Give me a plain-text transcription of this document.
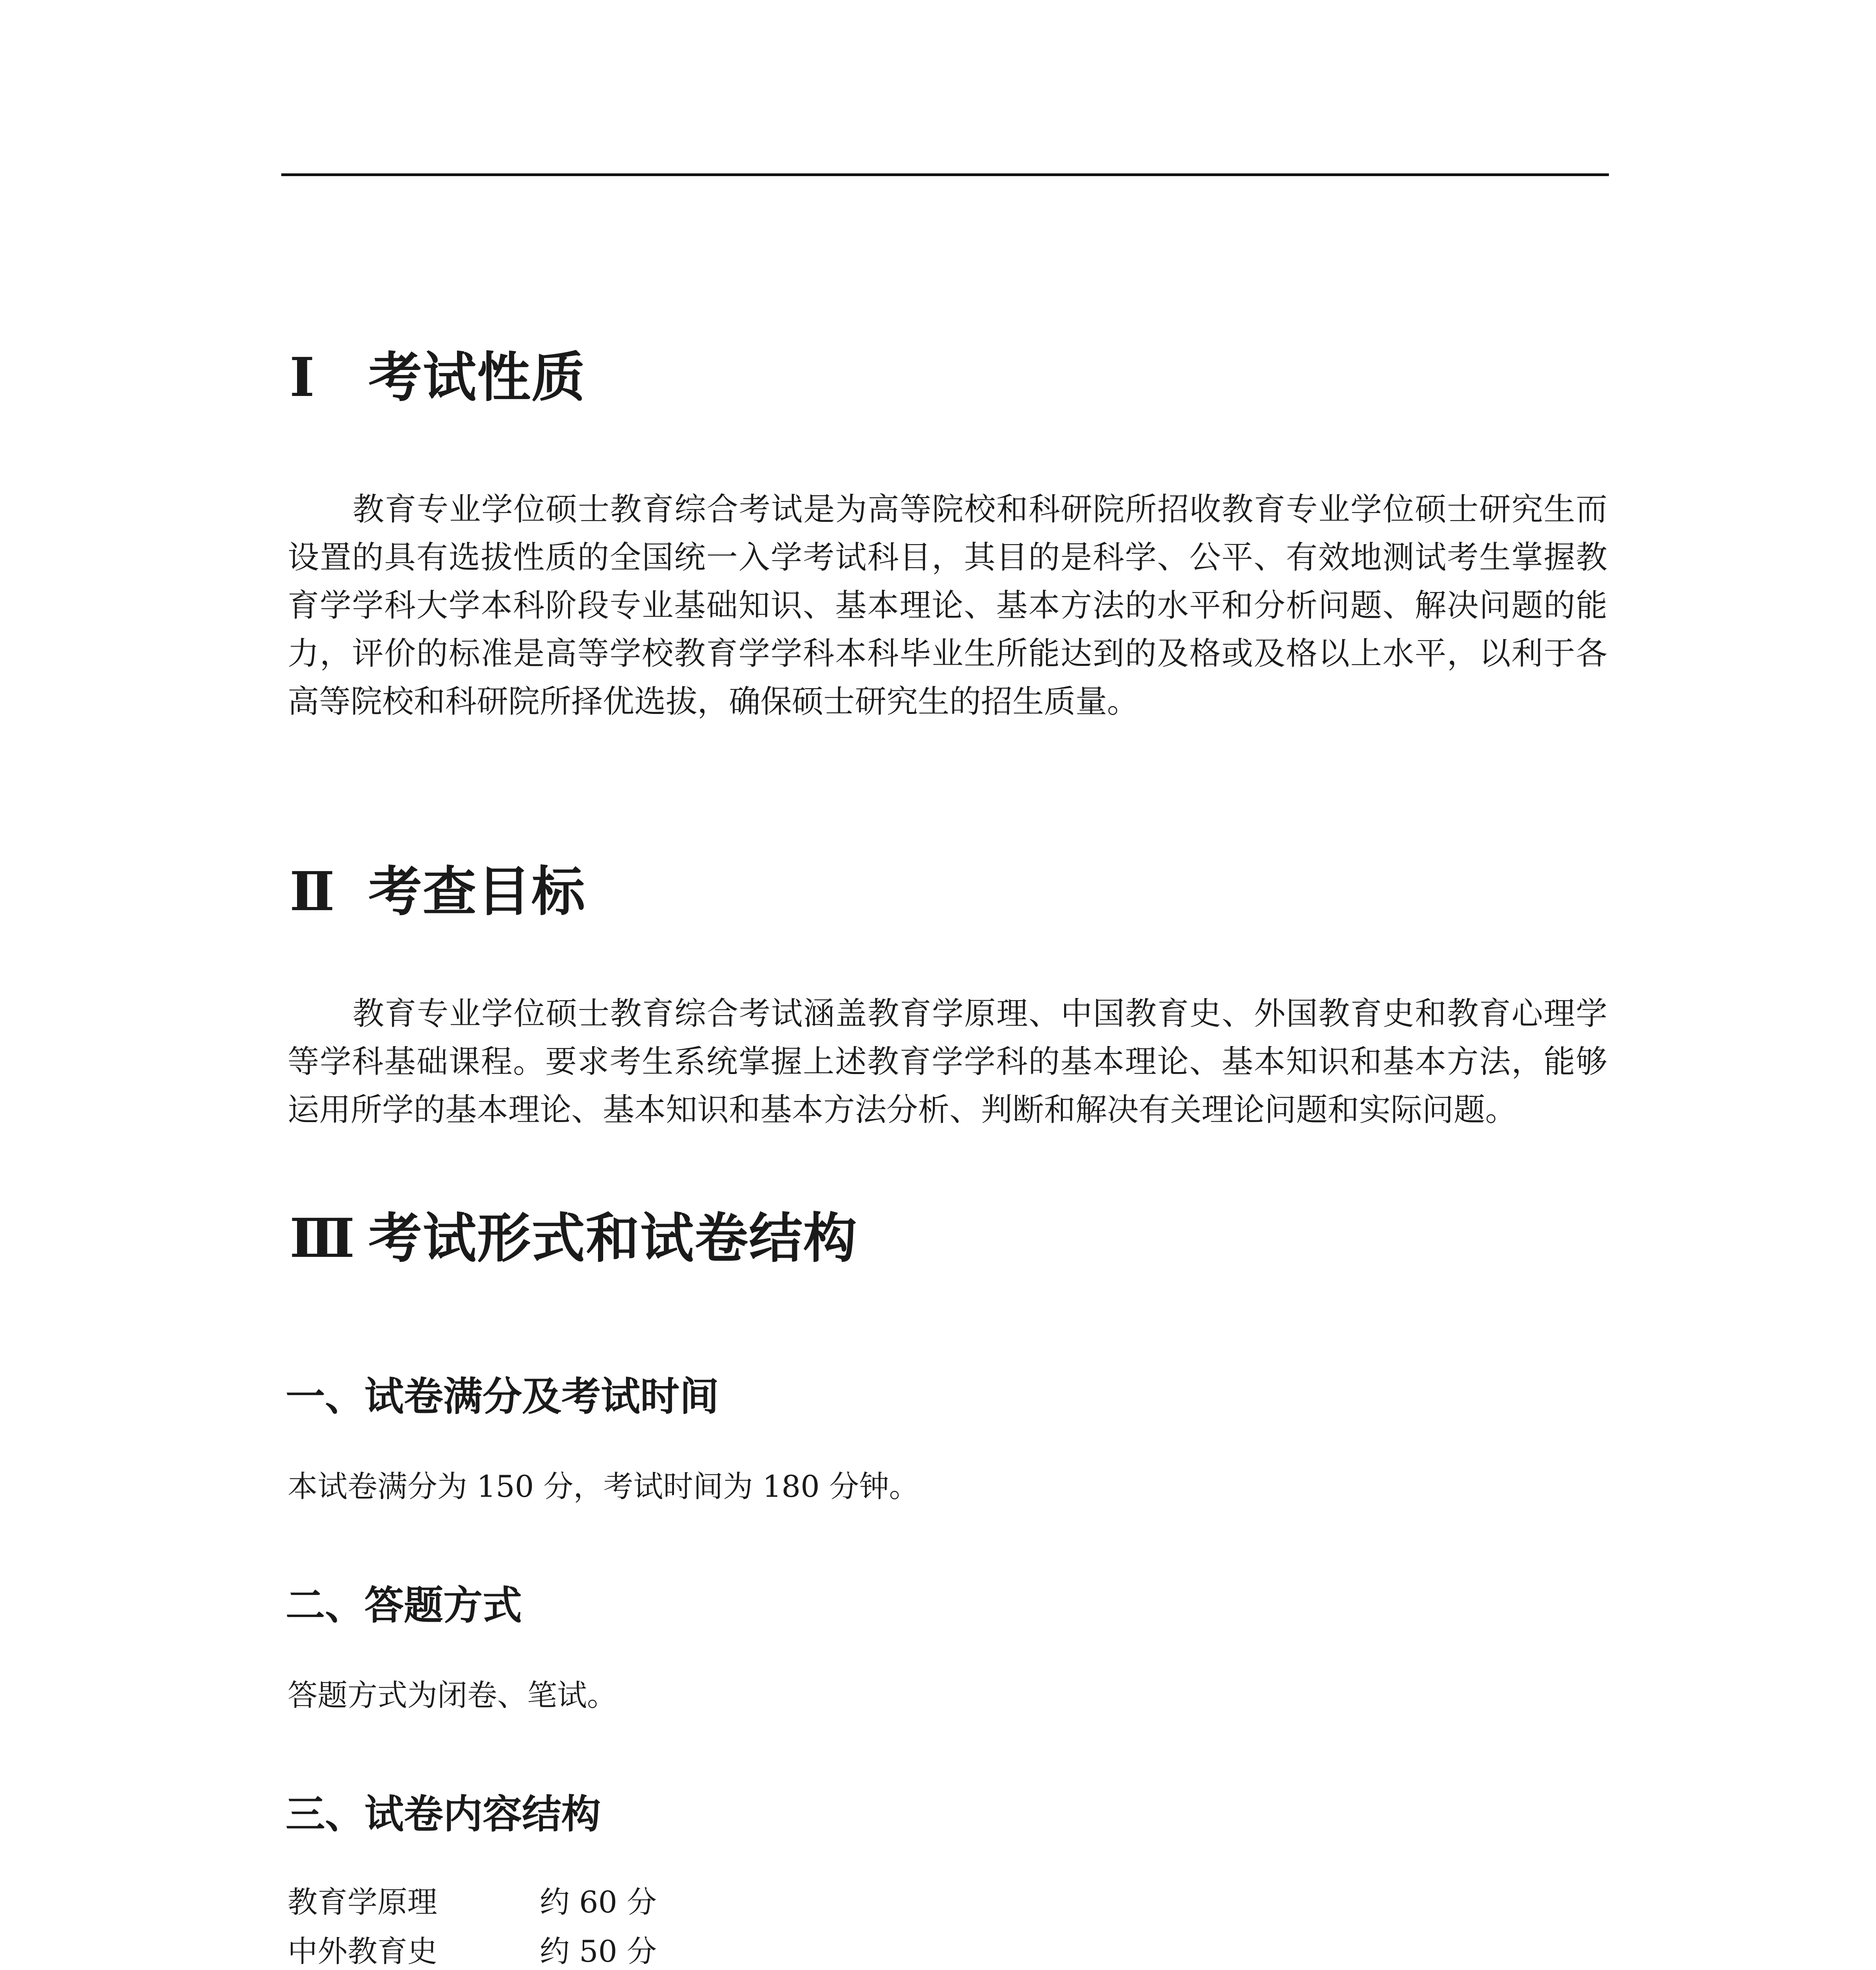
Ⅰ 考试性质

教育专业学位硕士教育综合考试是为高等院校和科研院所招收教育专业学位硕士研究生而设置的具有选拔性质的全国统一入学考试科目，其目的是科学、公平、有效地测试考生掌握教育学学科大学本科阶段专业基础知识、基本理论、基本方法的水平和分析问题、解决问题的能力，评价的标准是高等学校教育学学科本科毕业生所能达到的及格或及格以上水平，以利于各高等院校和科研院所择优选拔，确保硕士研究生的招生质量。

Ⅱ 考查目标

教育专业学位硕士教育综合考试涵盖教育学原理、中国教育史、外国教育史和教育心理学等学科基础课程。要求考生系统掌握上述教育学学科的基本理论、基本知识和基本方法，能够运用所学的基本理论、基本知识和基本方法分析、判断和解决有关理论问题和实际问题。

Ⅲ 考试形式和试卷结构
一、试卷满分及考试时间

本试卷满分为 150 分，考试时间为 180 分钟。

二、答题方式

答题方式为闭卷、笔试。

三、试卷内容结构
教育学原理	约 60 分
中外教育史	约 50 分
